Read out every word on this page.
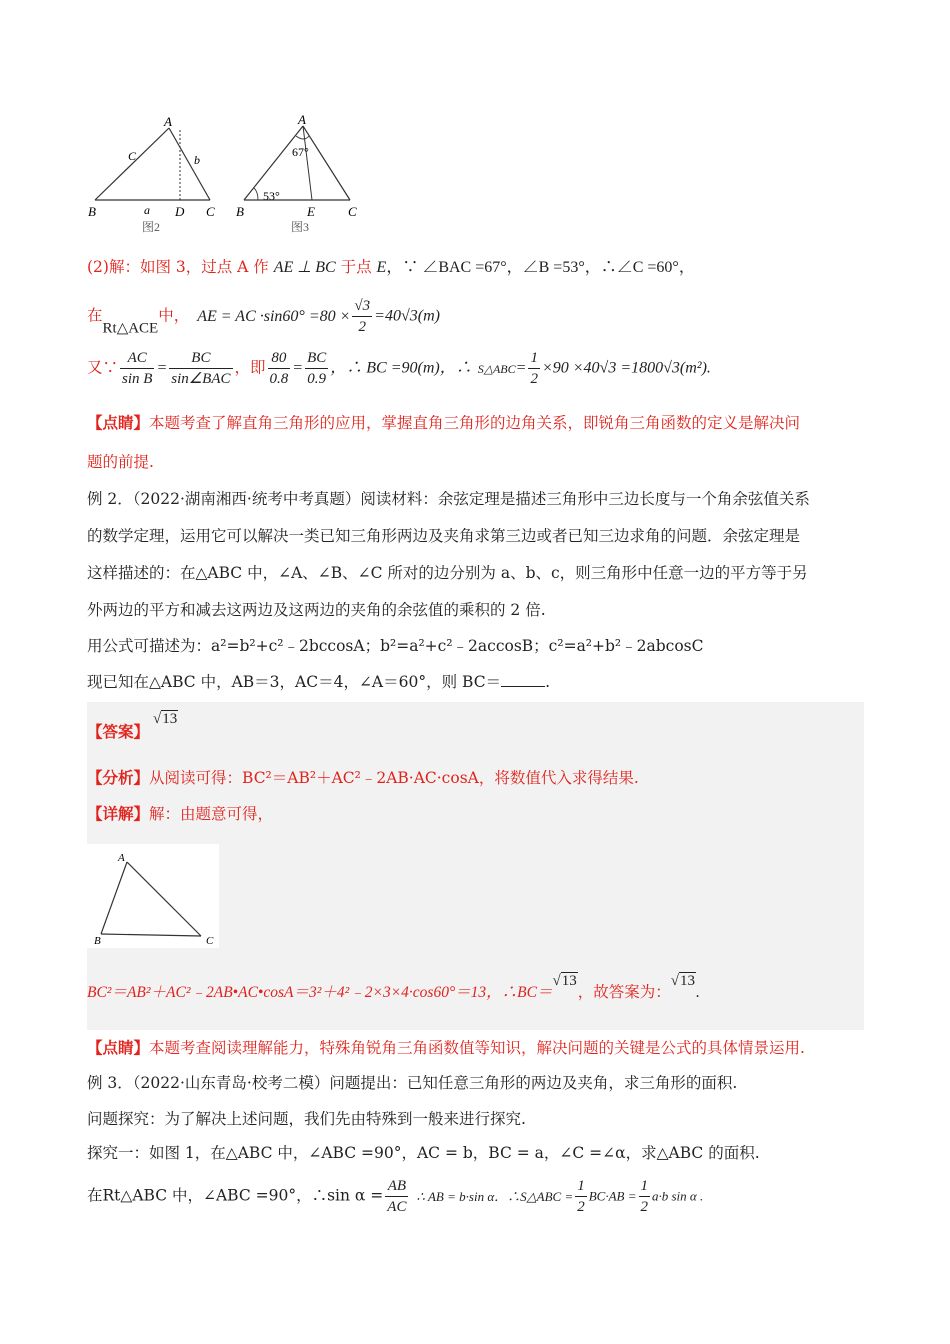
A
B	C
D
a
b
C
图2
A
B	C
E
67°
53°
图3
(2)解：如图 3，过点 A 作 AE ⊥ BC 于点 E，∵ ∠BAC =67°，∠B =53°，∴∠C =60°，
在Rt△ACE中， AE = AC $\cdot\sin 60^\circ =80 \times \frac{√3}{2} =40√3(m)$
又∵ $\frac{AC}{\text{sin B}} = \frac{BC}{\text{sin∠BAC}}$ ，即 $\frac{80}{0.8} = \frac{BC}{0.9}$ ，∴ BC =90(m)，∴ S△ABC= $\frac{1}{2} \times 90 \times 40√3 =1800√3(m^2)$.
【点睛】本题考查了解直角三角形的应用，掌握直角三角形的边角关系，即锐角三角函数的定义是解决问
题的前提.
例 2．（2022·湖南湘西·统考中考真题）阅读材料：余弦定理是描述三角形中三边长度与一个角余弦值关系
的数学定理，运用它可以解决一类已知三角形两边及夹角求第三边或者已知三边求角的问题．余弦定理是
这样描述的：在△ABC 中，∠A、∠B、∠C 所对的边分别为 a、b、c，则三角形中任意一边的平方等于另
外两边的平方和减去这两边及这两边的夹角的余弦值的乘积的 2 倍.
用公式可描述为：a²=b²+c²﹣2bccosA；b²=a²+c²﹣2accosB；c²=a²+b²﹣2abcosC
现已知在△ABC 中，AB＝3，AC＝4，∠A＝60°，则 BC＝	.
【答案】√13
【分析】从阅读可得：BC²＝AB²＋AC²﹣2AB·AC·cosA，将数值代入求得结果.
【详解】解：由题意可得，
A
B	C
BC²＝AB²＋AC²﹣2AB•AC•cosA＝3²＋4²﹣2×3×4·cos60°＝13，∴BC＝√13，故答案为：√13.
【点睛】本题考查阅读理解能力，特殊角锐角三角函数值等知识，解决问题的关键是公式的具体情景运用.
例 3．（2022·山东青岛·校考二模）问题提出：已知任意三角形的两边及夹角，求三角形的面积.
问题探究：为了解决上述问题，我们先由特殊到一般来进行探究.
探究一：如图 1，在△ABC 中，∠ABC =90°，AC = b，BC = a，∠C =∠α，求△ABC 的面积.
在Rt△ABC 中，∠ABC =90°，∴sin $\alpha = \frac{AB}{AC}$ ∴ AB = b·sin α．∴S△ABC = $\frac{1}{2} BC\cdot AB = \frac{1}{2} a\cdot b$ sin α .
